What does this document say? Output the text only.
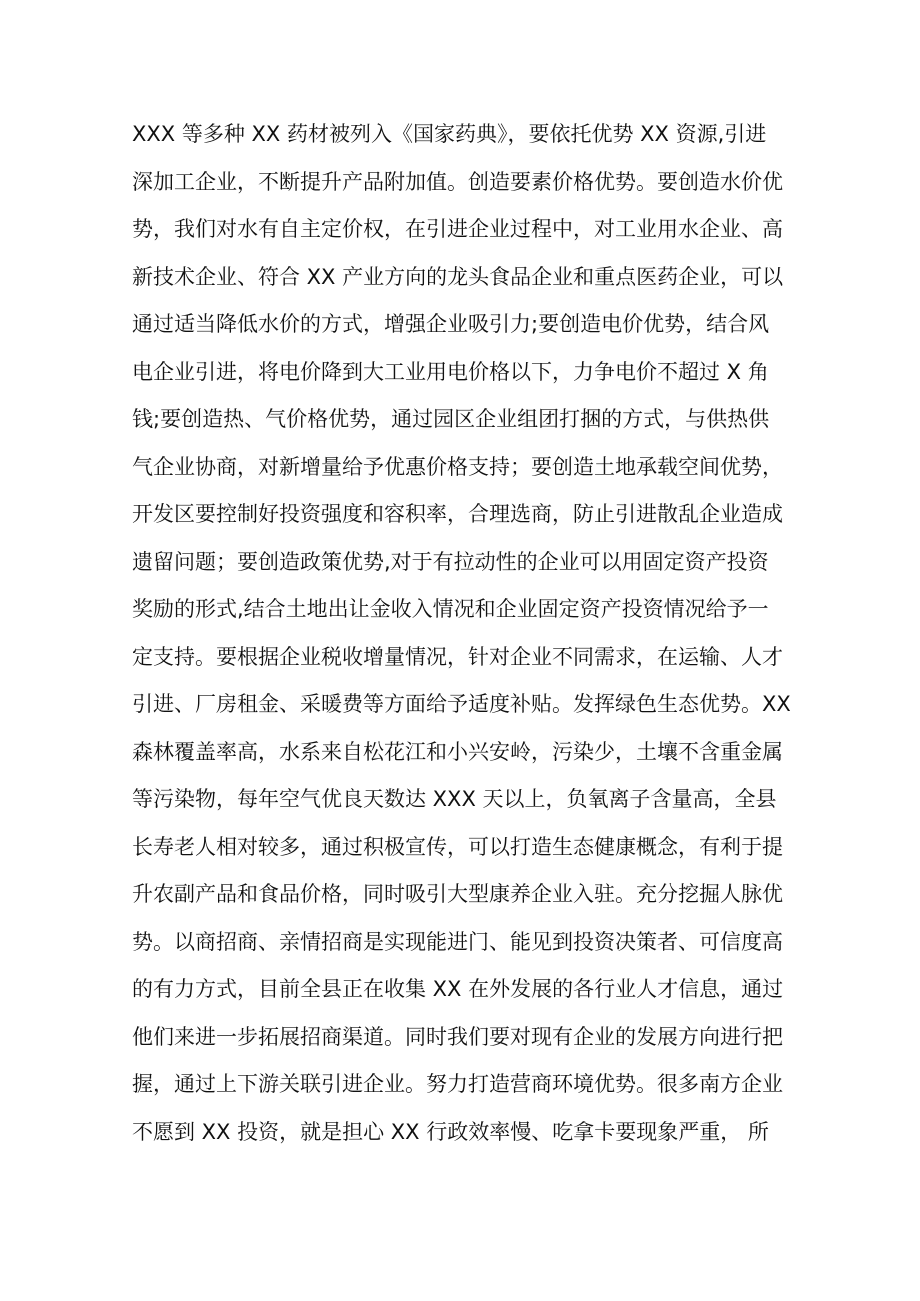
XXX 等多种 XX 药材被列入《国家药典》，要依托优势 XX 资源,引进
深加工企业，不断提升产品附加值。创造要素价格优势。要创造水价优
势，我们对水有自主定价权，在引进企业过程中，对工业用水企业、高
新技术企业、符合 XX 产业方向的龙头食品企业和重点医药企业，可以
通过适当降低水价的方式，增强企业吸引力;要创造电价优势，结合风
电企业引进，将电价降到大工业用电价格以下，力争电价不超过 X 角
钱;要创造热、气价格优势，通过园区企业组团打捆的方式，与供热供
气企业协商，对新增量给予优惠价格支持；要创造土地承载空间优势，
开发区要控制好投资强度和容积率，合理选商，防止引进散乱企业造成
遗留问题；要创造政策优势,对于有拉动性的企业可以用固定资产投资
奖励的形式,结合土地出让金收入情况和企业固定资产投资情况给予一
定支持。要根据企业税收增量情况，针对企业不同需求，在运输、人才
引进、厂房租金、采暖费等方面给予适度补贴。发挥绿色生态优势。XX
森林覆盖率高，水系来自松花江和小兴安岭，污染少，土壤不含重金属
等污染物，每年空气优良天数达 XXX 天以上，负氧离子含量高，全县
长寿老人相对较多，通过积极宣传，可以打造生态健康概念，有利于提
升农副产品和食品价格，同时吸引大型康养企业入驻。充分挖掘人脉优
势。以商招商、亲情招商是实现能进门、能见到投资决策者、可信度高
的有力方式，目前全县正在收集 XX 在外发展的各行业人才信息，通过
他们来进一步拓展招商渠道。同时我们要对现有企业的发展方向进行把
握，通过上下游关联引进企业。努力打造营商环境优势。很多南方企业
不愿到 XX 投资，就是担心 XX 行政效率慢、吃拿卡要现象严重， 所
